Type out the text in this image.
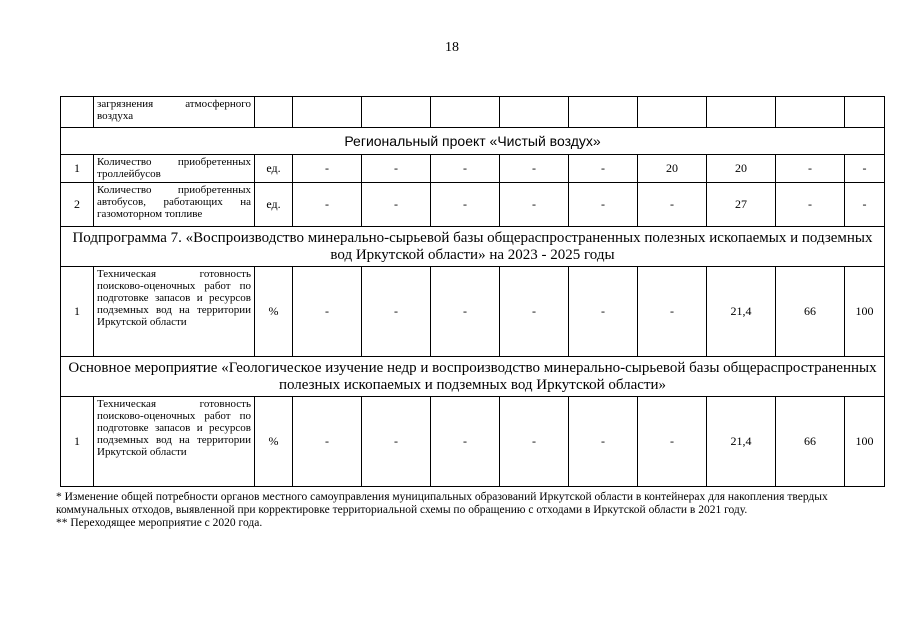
18
	загрязнения атмосферного воздуха										
Региональный проект «Чистый воздух»											
1	Количество приобретенных троллейбусов	ед.	-	-	-	-	-	20	20	-	-
2	Количество приобретенных автобусов, работающих на газомоторном топливе	ед.	-	-	-	-	-	-	27	-	-
Подпрограмма 7. «Воспроизводство минерально-сырьевой базы общераспространенных полезных ископаемых и подземных вод Иркутской области» на 2023 - 2025 годы											
1	Техническая готовность поисково-оценочных работ по подготовке запасов и ресурсов подземных вод на территории Иркутской области	%	-	-	-	-	-	-	21,4	66	100
Основное мероприятие «Геологическое изучение недр и воспроизводство минерально-сырьевой базы общераспространенных полезных ископаемых и подземных вод Иркутской области»											
1	Техническая готовность поисково-оценочных работ по подготовке запасов и ресурсов подземных вод на территории Иркутской области	%	-	-	-	-	-	-	21,4	66	100

* Изменение общей потребности органов местного самоуправления муниципальных образований Иркутской области в контейнерах для накопления твердых коммунальных отходов, выявленной при корректировке территориальной схемы по обращению с отходами в Иркутской области в 2021 году.

** Переходящее мероприятие с 2020 года.
